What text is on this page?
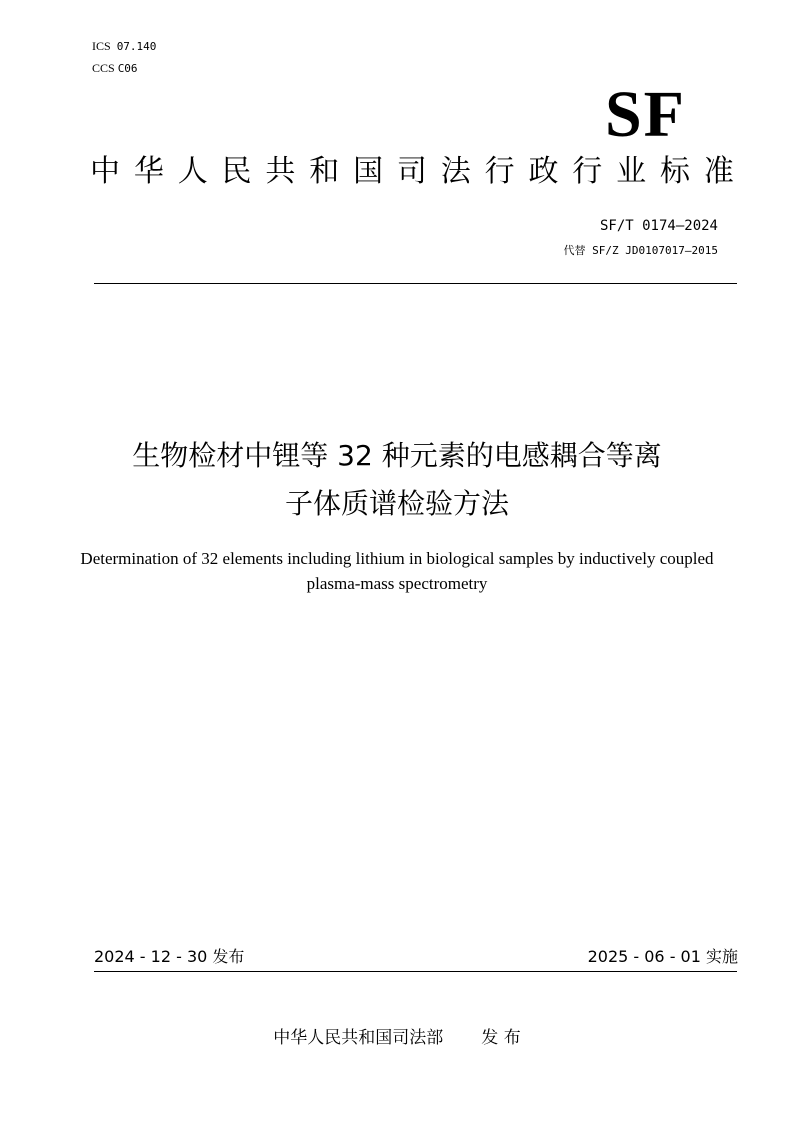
ICS 07.140
CCS C06
SF
中 华 人 民 共 和 国 司 法 行 政 行 业 标 准
SF/T 0174—2024
代替 SF/Z JD0107017—2015
生物检材中锂等 32 种元素的电感耦合等离
子体质谱检验方法
Determination of 32 elements including lithium in biological samples by inductively coupled plasma-mass spectrometry
2024 - 12 - 30 发布	2025 - 06 - 01 实施
中华人民共和国司法部 发 布
